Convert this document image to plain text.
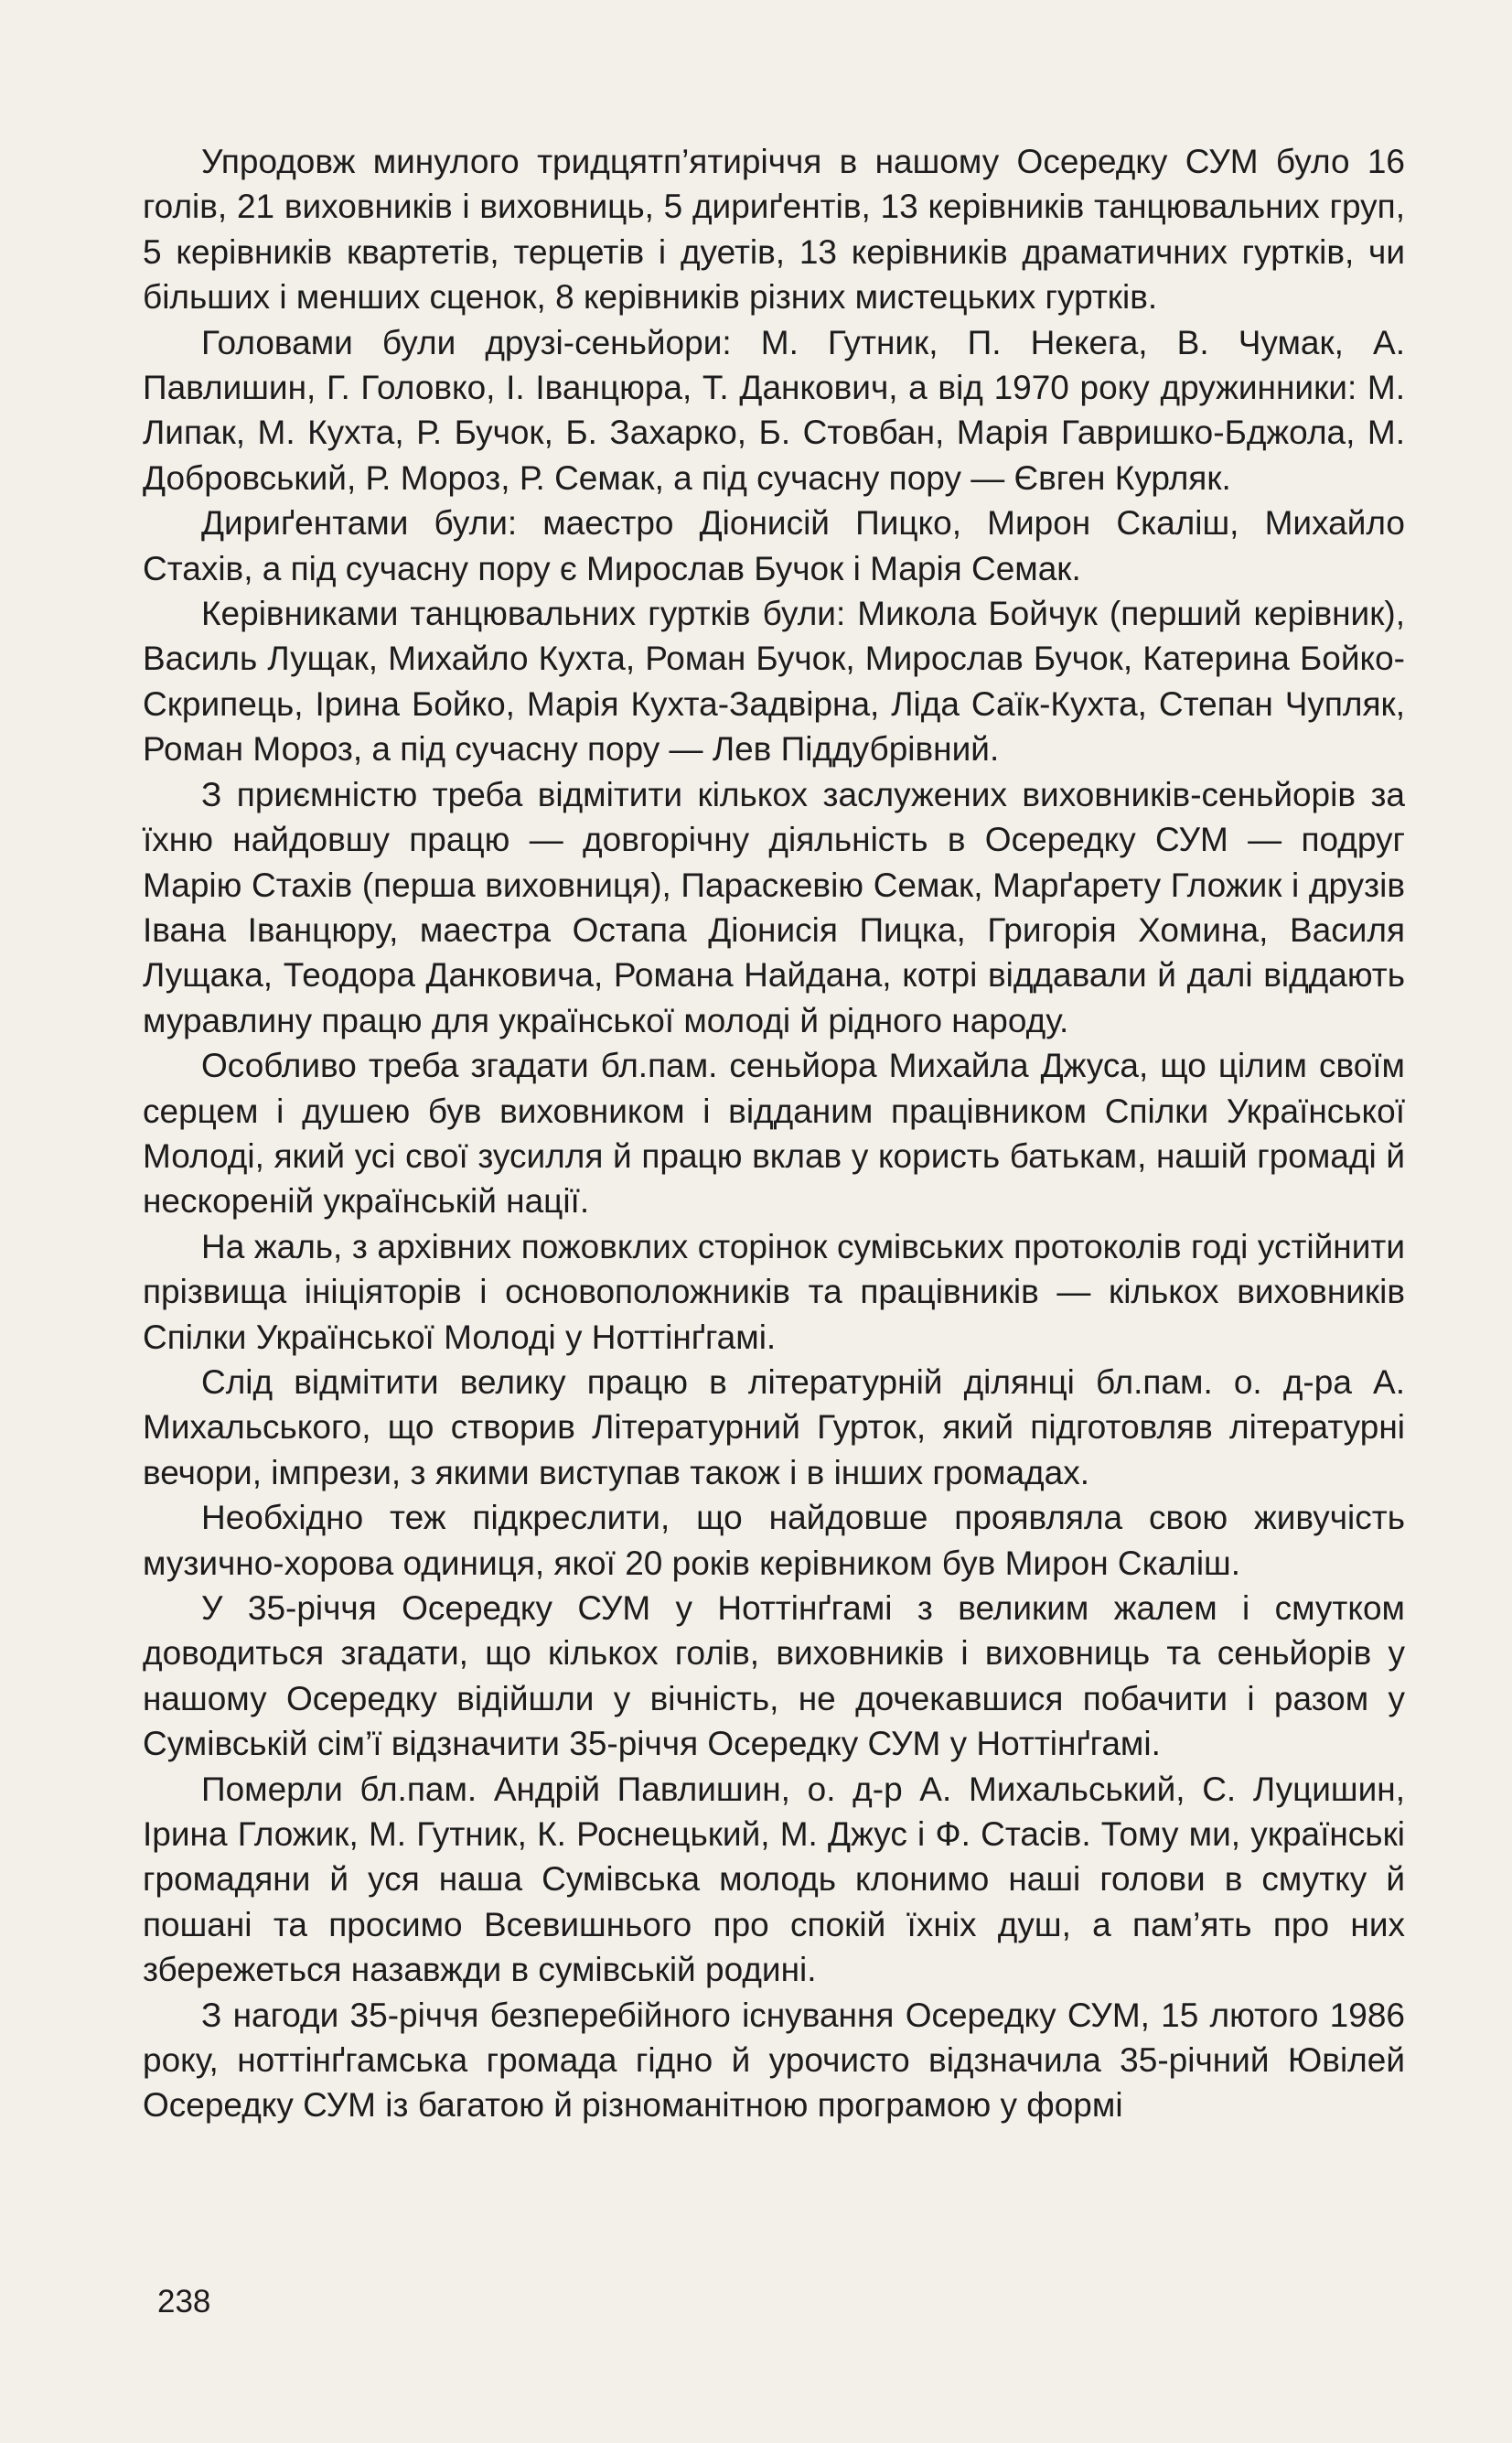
Упродовж минулого тридцятп’ятиріччя в нашому Осередку СУМ було 16 голів, 21 виховників і виховниць, 5 дириґентів, 13 керівників танцювальних груп, 5 керівників квартетів, терцетів і дуетів, 13 керівників драматичних гуртків, чи більших і менших сценок, 8 керівників різних мистецьких гуртків.

Головами були друзі-сеньйори: М. Гутник, П. Некега, В. Чумак, А. Павлишин, Г. Головко, І. Іванцюра, Т. Данкович, а від 1970 року дружинники: М. Липак, М. Кухта, Р. Бучок, Б. Захарко, Б. Стовбан, Марія Гавришко-Бджола, М. Добровський, Р. Мороз, Р. Семак, а під сучасну пору — Євген Курляк.

Дириґентами були: маестро Діонисій Пицко, Мирон Скаліш, Михайло Стахів, а під сучасну пору є Мирослав Бучок і Марія Семак.

Керівниками танцювальних гуртків були: Микола Бойчук (перший керівник), Василь Лущак, Михайло Кухта, Роман Бучок, Мирослав Бучок, Катерина Бойко-Скрипець, Ірина Бойко, Марія Кухта-Задвірна, Ліда Саїк-Кухта, Степан Чупляк, Роман Мороз, а під сучасну пору — Лев Піддубрівний.

З приємністю треба відмітити кількох заслужених виховників-сеньйорів за їхню найдовшу працю — довгорічну діяльність в Осередку СУМ — подруг Марію Стахів (перша виховниця), Параскевію Семак, Марґарету Гложик і друзів Івана Іванцюру, маестра Остапа Діонисія Пицка, Григорія Хомина, Василя Лущака, Теодора Данковича, Романа Найдана, котрі віддавали й далі віддають муравлину працю для української молоді й рідного народу.

Особливо треба згадати бл.пам. сеньйора Михайла Джуса, що цілим своїм серцем і душею був виховником і відданим працівником Спілки Української Молоді, який усі свої зусилля й працю вклав у користь батькам, нашій громаді й нескореній українській нації.

На жаль, з архівних пожовклих сторінок сумівських протоколів годі устійнити прізвища ініціяторів і основоположників та працівників — кількох виховників Спілки Української Молоді у Ноттінґгамі.

Слід відмітити велику працю в літературній ділянці бл.пам. о. д-ра А. Михальського, що створив Літературний Гурток, який підготовляв літературні вечори, імпрези, з якими виступав також і в інших громадах.

Необхідно теж підкреслити, що найдовше проявляла свою живучість музично-хорова одиниця, якої 20 років керівником був Мирон Скаліш.

У 35-річчя Осередку СУМ у Ноттінґгамі з великим жалем і смутком доводиться згадати, що кількох голів, виховників і виховниць та сеньйорів у нашому Осередку відійшли у вічність, не дочекавшися побачити і разом у Сумівській сім’ї відзначити 35-річчя Осередку СУМ у Ноттінґгамі.

Померли бл.пам. Андрій Павлишин, о. д-р А. Михальський, С. Луцишин, Ірина Гложик, М. Гутник, К. Роснецький, М. Джус і Ф. Стасів. Тому ми, українські громадяни й уся наша Сумівська молодь клонимо наші голови в смутку й пошані та просимо Всевишнього про спокій їхніх душ, а пам’ять про них збережеться назавжди в сумівській родині.

З нагоди 35-річчя безперебійного існування Осередку СУМ, 15 лютого 1986 року, ноттінґгамська громада гідно й урочисто відзначила 35-річний Ювілей Осередку СУМ із багатою й різноманітною програмою у формі

238
